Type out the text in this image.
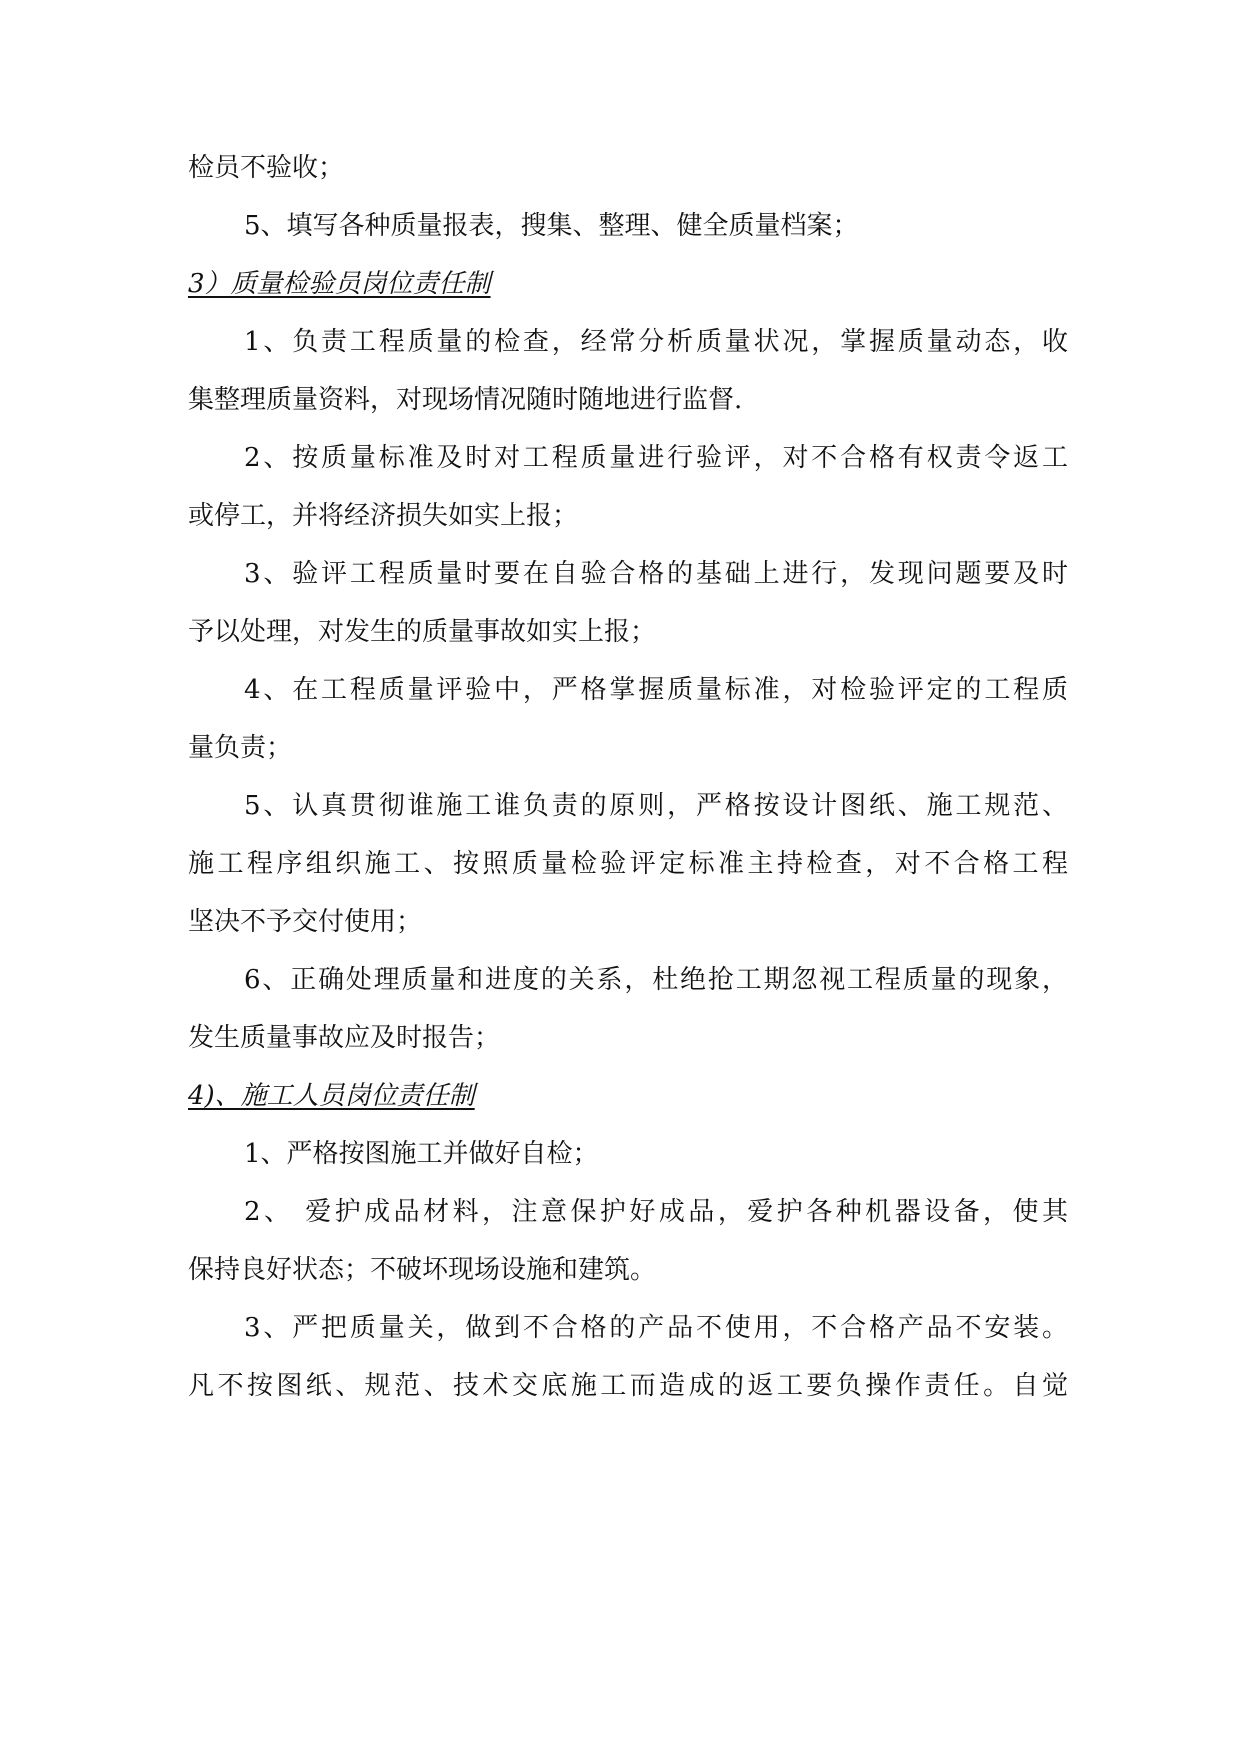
检员不验收；
5、填写各种质量报表，搜集、整理、健全质量档案；
3）质量检验员岗位责任制
1、负责工程质量的检查，经常分析质量状况，掌握质量动态，收
集整理质量资料，对现场情况随时随地进行监督.
2、按质量标准及时对工程质量进行验评，对不合格有权责令返工
或停工，并将经济损失如实上报；
3、验评工程质量时要在自验合格的基础上进行，发现问题要及时
予以处理，对发生的质量事故如实上报；
4、在工程质量评验中，严格掌握质量标准，对检验评定的工程质
量负责；
5、认真贯彻谁施工谁负责的原则，严格按设计图纸、施工规范、
施工程序组织施工、按照质量检验评定标准主持检查，对不合格工程
坚决不予交付使用；
6、正确处理质量和进度的关系，杜绝抢工期忽视工程质量的现象，
发生质量事故应及时报告；
4)、施工人员岗位责任制
1、严格按图施工并做好自检；
2、 爱护成品材料，注意保护好成品，爱护各种机器设备，使其
保持良好状态；不破坏现场设施和建筑。
3、严把质量关，做到不合格的产品不使用，不合格产品不安装。
凡不按图纸、规范、技术交底施工而造成的返工要负操作责任。自觉
